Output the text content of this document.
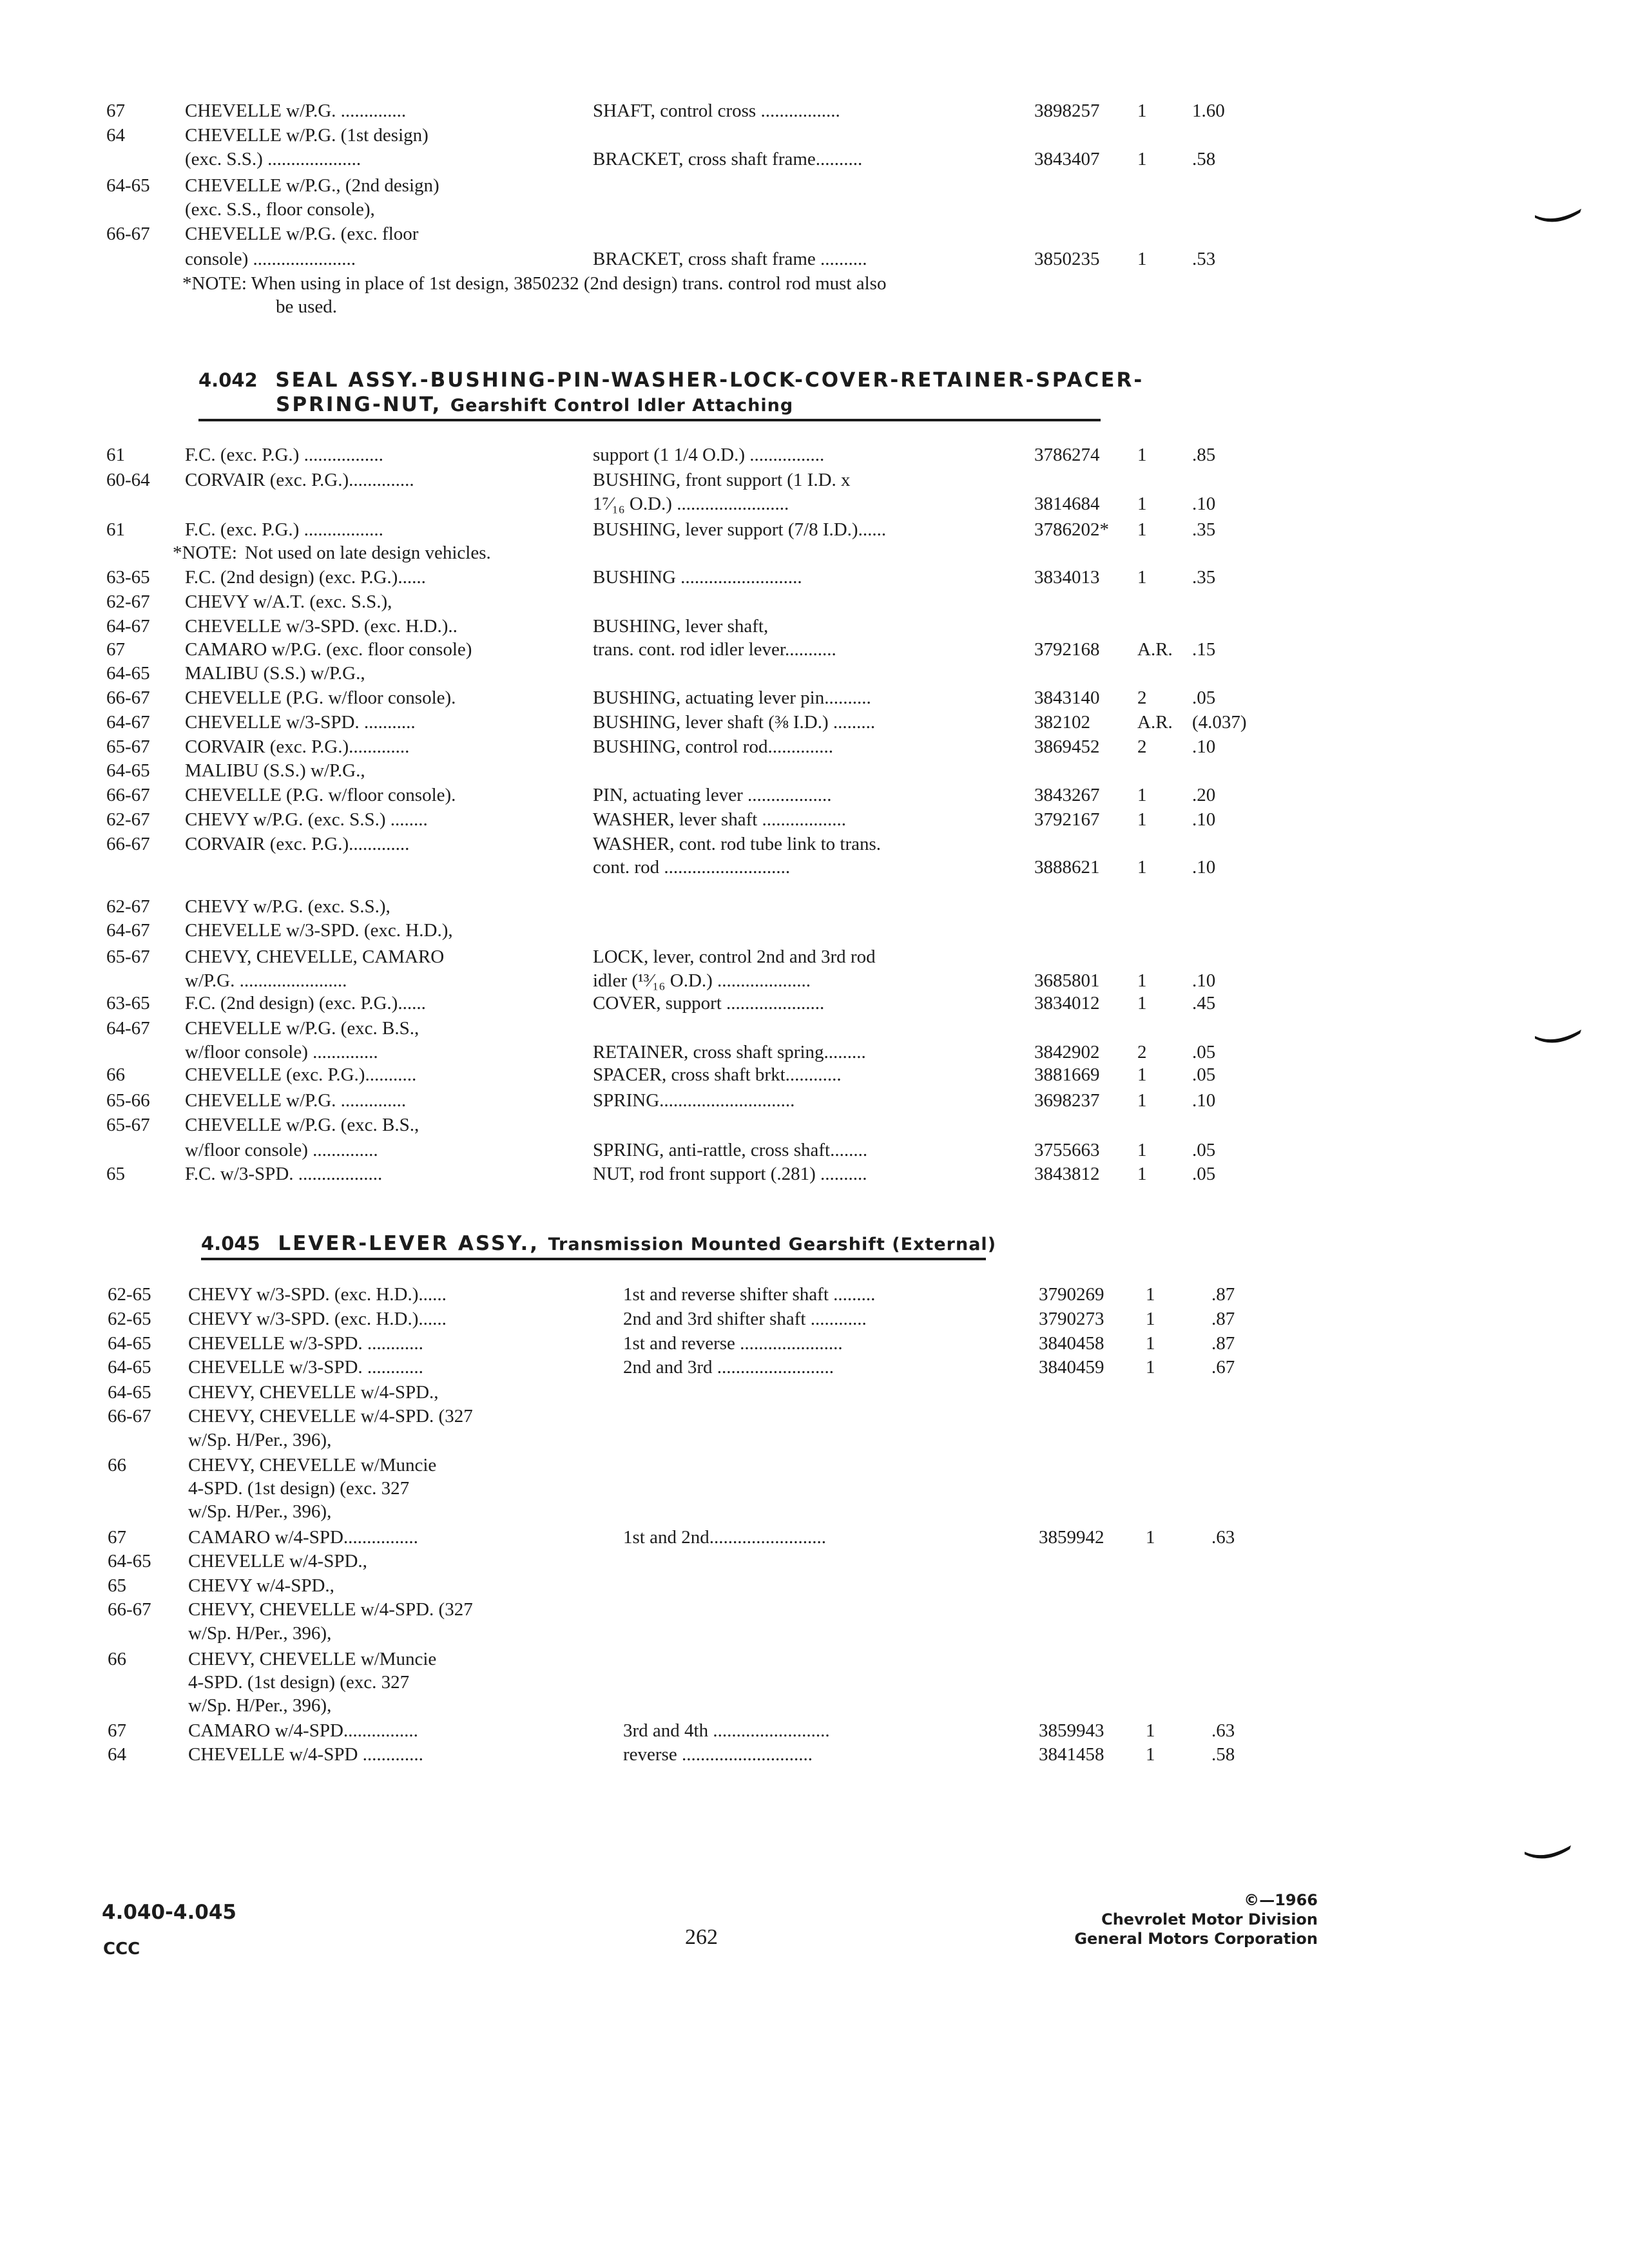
67	CHEVELLE w/P.G. ..............	SHAFT, control cross .................	3898257 1 1.60
64	CHEVELLE w/P.G. (1st design)
(exc. S.S.) ....................	BRACKET, cross shaft frame..........	3843407 1 .58
64-65 CHEVELLE w/P.G., (2nd design)
(exc. S.S., floor console),
66-67 CHEVELLE w/P.G. (exc. floor
console) ......................	BRACKET, cross shaft frame ..........	3850235 1 .53
*NOTE: When using in place of 1st design, 3850232 (2nd design) trans. control rod must also
be used.
4.042 SEAL ASSY.-BUSHING-PIN-WASHER-LOCK-COVER-RETAINER-SPACER-
SPRING-NUT, Gearshift Control Idler Attaching
61	F.C. (exc. P.G.) .................	support (1 1/4 O.D.) ................	3786274 1 .85
60-64 CORVAIR (exc. P.G.)..............	BUSHING, front support (1 I.D. x
1⁷⁄₁₆ O.D.) ........................	3814684 1 .10
61	F.C. (exc. P.G.) .................	BUSHING, lever support (7/8 I.D.)......	3786202* 1 .35
*NOTE: Not used on late design vehicles.
63-65 F.C. (2nd design) (exc. P.G.)......	BUSHING ..........................	3834013 1 .35
62-67 CHEVY w/A.T. (exc. S.S.),
64-67 CHEVELLE w/3-SPD. (exc. H.D.)..	BUSHING, lever shaft,
67	CAMARO w/P.G. (exc. floor console)	trans. cont. rod idler lever...........	3792168 A.R. .15
64-65 MALIBU (S.S.) w/P.G.,
66-67 CHEVELLE (P.G. w/floor console).	BUSHING, actuating lever pin..........	3843140 2 .05
64-67 CHEVELLE w/3-SPD. ...........	BUSHING, lever shaft (⅜ I.D.) .........	382102	A.R. (4.037)
65-67 CORVAIR (exc. P.G.).............	BUSHING, control rod..............	3869452 2 .10
64-65 MALIBU (S.S.) w/P.G.,
66-67 CHEVELLE (P.G. w/floor console).	PIN, actuating lever ..................	3843267 1 .20
62-67 CHEVY w/P.G. (exc. S.S.) ........	WASHER, lever shaft ..................	3792167 1 .10
66-67 CORVAIR (exc. P.G.).............	WASHER, cont. rod tube link to trans.
cont. rod ...........................	3888621 1 .10
62-67 CHEVY w/P.G. (exc. S.S.),
64-67 CHEVELLE w/3-SPD. (exc. H.D.),
65-67 CHEVY, CHEVELLE, CAMARO	LOCK, lever, control 2nd and 3rd rod
w/P.G. .......................	idler (¹³⁄₁₆ O.D.) ....................	3685801 1 .10
63-65 F.C. (2nd design) (exc. P.G.)......	COVER, support .....................	3834012 1 .45
64-67 CHEVELLE w/P.G. (exc. B.S.,
w/floor console) ..............	RETAINER, cross shaft spring.........	3842902 2 .05
66	CHEVELLE (exc. P.G.)...........	SPACER, cross shaft brkt............	3881669 1 .05
65-66 CHEVELLE w/P.G. ..............	SPRING.............................	3698237 1 .10
65-67 CHEVELLE w/P.G. (exc. B.S.,
w/floor console) ..............	SPRING, anti-rattle, cross shaft........	3755663 1 .05
65	F.C. w/3-SPD. ..................	NUT, rod front support (.281) ..........	3843812 1 .05
4.045 LEVER-LEVER ASSY., Transmission Mounted Gearshift (External)
62-65 CHEVY w/3-SPD. (exc. H.D.)......	1st and reverse shifter shaft .........	3790269 1	.87
62-65 CHEVY w/3-SPD. (exc. H.D.)......	2nd and 3rd shifter shaft ............	3790273 1	.87
64-65 CHEVELLE w/3-SPD. ............	1st and reverse ......................	3840458 1	.87
64-65 CHEVELLE w/3-SPD. ............	2nd and 3rd .........................	3840459 1	.67
64-65 CHEVY, CHEVELLE w/4-SPD.,
66-67 CHEVY, CHEVELLE w/4-SPD. (327
w/Sp. H/Per., 396),
66	CHEVY, CHEVELLE w/Muncie
4-SPD. (1st design) (exc. 327
w/Sp. H/Per., 396),
67	CAMARO w/4-SPD................	1st and 2nd.........................	3859942 1	.63
64-65 CHEVELLE w/4-SPD.,
65	CHEVY w/4-SPD.,
66-67 CHEVY, CHEVELLE w/4-SPD. (327
w/Sp. H/Per., 396),
66	CHEVY, CHEVELLE w/Muncie
4-SPD. (1st design) (exc. 327
w/Sp. H/Per., 396),
67	CAMARO w/4-SPD................	3rd and 4th .........................	3859943 1	.63
64	CHEVELLE w/4-SPD .............	reverse ............................	3841458 1	.58
4.040-4.045
CCC	262
©—1966
Chevrolet Motor Division
General Motors Corporation
